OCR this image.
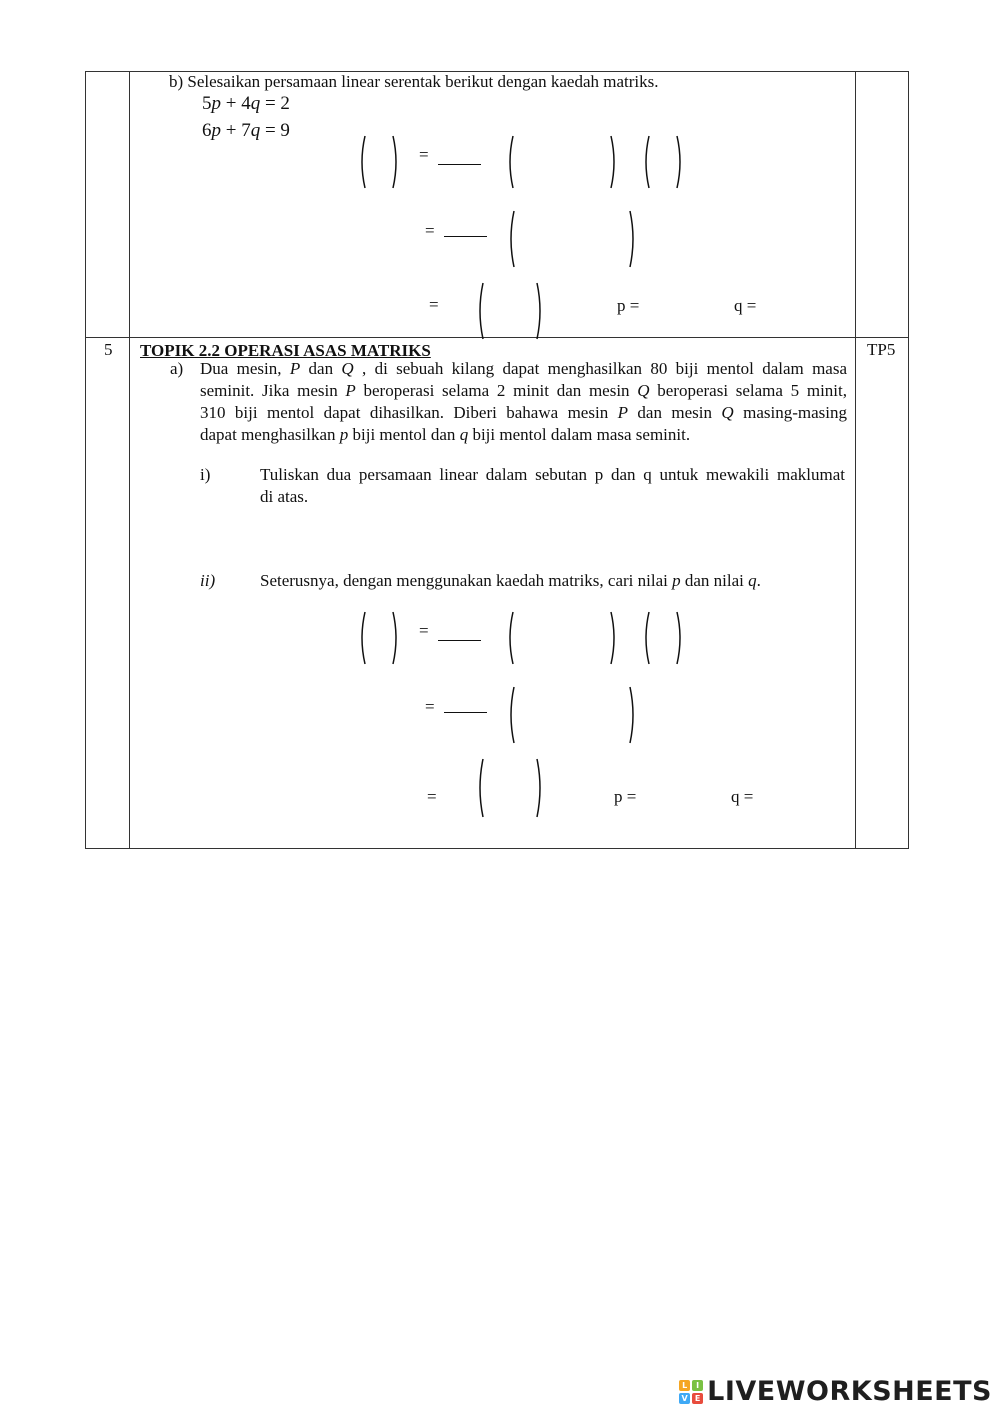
b) Selesaikan persamaan linear serentak berikut dengan kaedah matriks.
5p + 4q = 2
6p + 7q = 9
=
=
=	p =	q =
5 TOPIK 2.2 OPERASI ASAS MATRIKS	TP5
a) Dua mesin, P dan Q , di sebuah kilang dapat menghasilkan 80 biji mentol dalam masa

seminit. Jika mesin P beroperasi selama 2 minit dan mesin Q beroperasi selama 5 minit,

310 biji mentol dapat dihasilkan. Diberi bahawa mesin P dan mesin Q masing-masing

dapat menghasilkan p biji mentol dan q biji mentol dalam masa seminit.

i)	Tuliskan dua persamaan linear dalam sebutan p dan q untuk mewakili maklumat

di atas.

ii)	Seterusnya, dengan menggunakan kaedah matriks, cari nilai p dan nilai q.
=
=
=	p =	q =
L	I
V E LIVEWORKSHEETS
